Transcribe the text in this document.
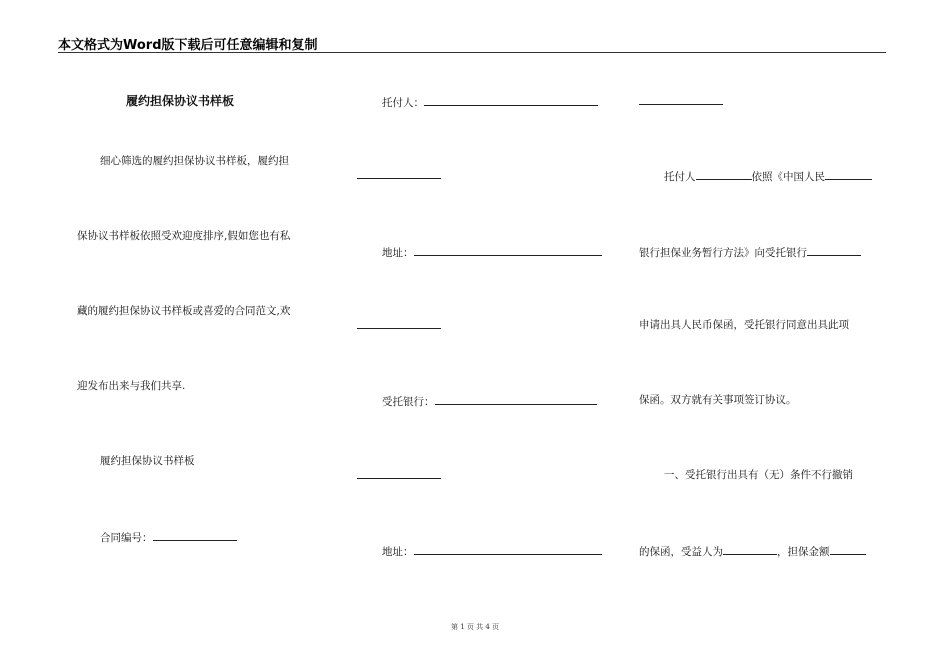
本文格式为Word版下载后可任意编辑和复制
履约担保协议书样板
细心筛选的履约担保协议书样板，履约担
保协议书样板依照受欢迎度排序,假如您也有私
藏的履约担保协议书样板或喜爱的合同范文,欢
迎发布出来与我们共享.
履约担保协议书样板
合同编号：
托付人：
地址：
受托银行：
地址：
托付人	依照《中国人民
银行担保业务暂行方法》向受托银行
申请出具人民币保函，受托银行同意出具此项
保函。双方就有关事项签订协议。
一、受托银行出具有（无）条件不行撤销
的保函，受益人为	，担保金额
第 1 页 共 4 页
